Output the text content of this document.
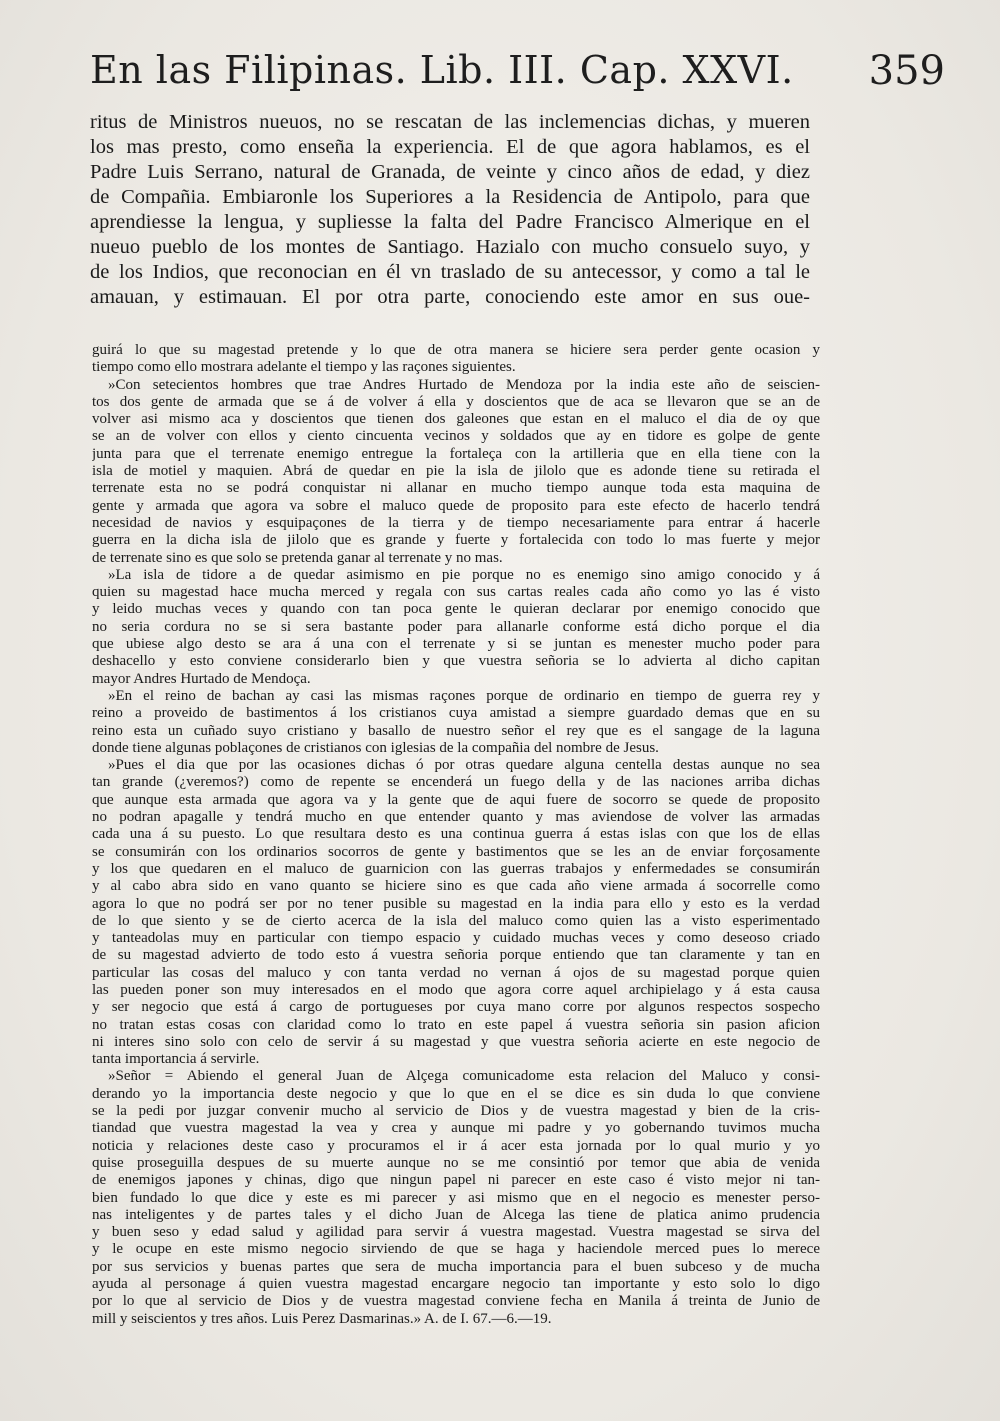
En las Filipinas. Lib. III. Cap. XXVI. 359
ritus de Ministros nueuos, no se rescatan de las inclemencias dichas, y mueren
los mas presto, como enseña la experiencia. El de que agora hablamos, es el
Padre Luis Serrano, natural de Granada, de veinte y cinco años de edad, y diez
de Compañia. Embiaronle los Superiores a la Residencia de Antipolo, para que
aprendiesse la lengua, y supliesse la falta del Padre Francisco Almerique en el
nueuo pueblo de los montes de Santiago. Hazialo con mucho consuelo suyo, y
de los Indios, que reconocian en él vn traslado de su antecessor, y como a tal le
amauan, y estimauan. El por otra parte, conociendo este amor en sus oue-
guirá lo que su magestad pretende y lo que de otra manera se hiciere sera perder gente ocasion y
tiempo como ello mostrara adelante el tiempo y las raçones siguientes.
»Con setecientos hombres que trae Andres Hurtado de Mendoza por la india este año de seiscien-
tos dos gente de armada que se á de volver á ella y doscientos que de aca se llevaron que se an de
volver asi mismo aca y doscientos que tienen dos galeones que estan en el maluco el dia de oy que
se an de volver con ellos y ciento cincuenta vecinos y soldados que ay en tidore es golpe de gente
junta para que el terrenate enemigo entregue la fortaleça con la artilleria que en ella tiene con la
isla de motiel y maquien. Abrá de quedar en pie la isla de jilolo que es adonde tiene su retirada el
terrenate esta no se podrá conquistar ni allanar en mucho tiempo aunque toda esta maquina de
gente y armada que agora va sobre el maluco quede de proposito para este efecto de hacerlo tendrá
necesidad de navios y esquipaçones de la tierra y de tiempo necesariamente para entrar á hacerle
guerra en la dicha isla de jilolo que es grande y fuerte y fortalecida con todo lo mas fuerte y mejor
de terrenate sino es que solo se pretenda ganar al terrenate y no mas.
»La isla de tidore a de quedar asimismo en pie porque no es enemigo sino amigo conocido y á
quien su magestad hace mucha merced y regala con sus cartas reales cada año como yo las é visto
y leido muchas veces y quando con tan poca gente le quieran declarar por enemigo conocido que
no seria cordura no se si sera bastante poder para allanarle conforme está dicho porque el dia
que ubiese algo desto se ara á una con el terrenate y si se juntan es menester mucho poder para
deshacello y esto conviene considerarlo bien y que vuestra señoria se lo advierta al dicho capitan
mayor Andres Hurtado de Mendoça.
»En el reino de bachan ay casi las mismas raçones porque de ordinario en tiempo de guerra rey y
reino a proveido de bastimentos á los cristianos cuya amistad a siempre guardado demas que en su
reino esta un cuñado suyo cristiano y basallo de nuestro señor el rey que es el sangage de la laguna
donde tiene algunas poblaçones de cristianos con iglesias de la compañia del nombre de Jesus.
»Pues el dia que por las ocasiones dichas ó por otras quedare alguna centella destas aunque no sea
tan grande (¿veremos?) como de repente se encenderá un fuego della y de las naciones arriba dichas
que aunque esta armada que agora va y la gente que de aqui fuere de socorro se quede de proposito
no podran apagalle y tendrá mucho en que entender quanto y mas aviendose de volver las armadas
cada una á su puesto. Lo que resultara desto es una continua guerra á estas islas con que los de ellas
se consumirán con los ordinarios socorros de gente y bastimentos que se les an de enviar forçosamente
y los que quedaren en el maluco de guarnicion con las guerras trabajos y enfermedades se consumirán
y al cabo abra sido en vano quanto se hiciere sino es que cada año viene armada á socorrelle como
agora lo que no podrá ser por no tener pusible su magestad en la india para ello y esto es la verdad
de lo que siento y se de cierto acerca de la isla del maluco como quien las a visto esperimentado
y tanteadolas muy en particular con tiempo espacio y cuidado muchas veces y como deseoso criado
de su magestad advierto de todo esto á vuestra señoria porque entiendo que tan claramente y tan en
particular las cosas del maluco y con tanta verdad no vernan á ojos de su magestad porque quien
las pueden poner son muy interesados en el modo que agora corre aquel archipielago y á esta causa
y ser negocio que está á cargo de portugueses por cuya mano corre por algunos respectos sospecho
no tratan estas cosas con claridad como lo trato en este papel á vuestra señoria sin pasion aficion
ni interes sino solo con celo de servir á su magestad y que vuestra señoria acierte en este negocio de
tanta importancia á servirle.
»Señor = Abiendo el general Juan de Alçega comunicadome esta relacion del Maluco y consi-
derando yo la importancia deste negocio y que lo que en el se dice es sin duda lo que conviene
se la pedi por juzgar convenir mucho al servicio de Dios y de vuestra magestad y bien de la cris-
tiandad que vuestra magestad la vea y crea y aunque mi padre y yo gobernando tuvimos mucha
noticia y relaciones deste caso y procuramos el ir á acer esta jornada por lo qual murio y yo
quise proseguilla despues de su muerte aunque no se me consintió por temor que abia de venida
de enemigos japones y chinas, digo que ningun papel ni parecer en este caso é visto mejor ni tan-
bien fundado lo que dice y este es mi parecer y asi mismo que en el negocio es menester perso-
nas inteligentes y de partes tales y el dicho Juan de Alcega las tiene de platica animo prudencia
y buen seso y edad salud y agilidad para servir á vuestra magestad. Vuestra magestad se sirva del
y le ocupe en este mismo negocio sirviendo de que se haga y haciendole merced pues lo merece
por sus servicios y buenas partes que sera de mucha importancia para el buen subceso y de mucha
ayuda al personage á quien vuestra magestad encargare negocio tan importante y esto solo lo digo
por lo que al servicio de Dios y de vuestra magestad conviene fecha en Manila á treinta de Junio de
mill y seiscientos y tres años. Luis Perez Dasmarinas.» A. de I. 67.—6.—19.
